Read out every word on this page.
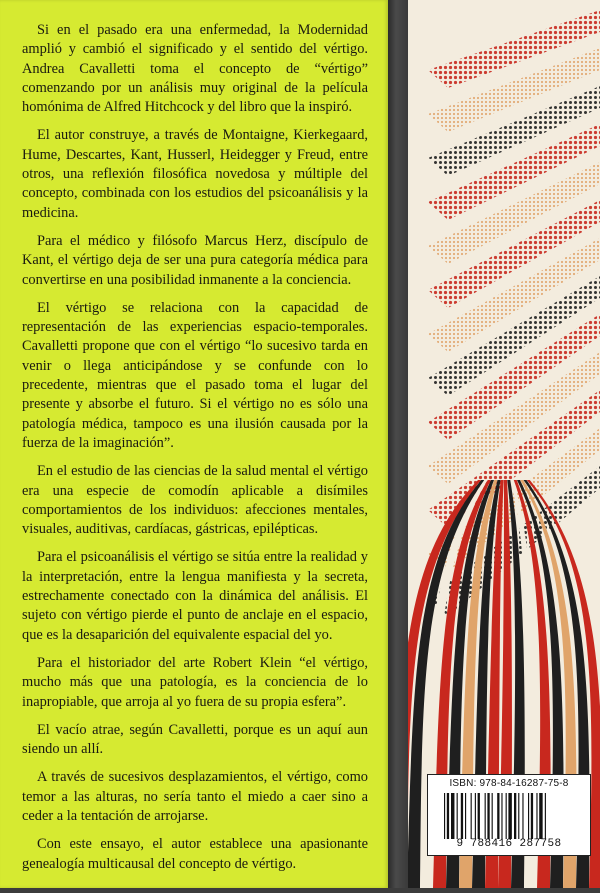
Si en el pasado era una enfermedad, la Modernidad amplió y cambió el significado y el sentido del vértigo. Andrea Cavalletti toma el concepto de “vértigo” comenzando por un análisis muy original de la película homónima de Alfred Hitchcock y del libro que la inspiró.

El autor construye, a través de Montaigne, Kierkegaard, Hume, Descartes, Kant, Husserl, Heidegger y Freud, entre otros, una reflexión filosófica novedosa y múltiple del concepto, combinada con los estudios del psicoanálisis y la medicina.

Para el médico y filósofo Marcus Herz, discípulo de Kant, el vértigo deja de ser una pura categoría médica para convertirse en una posibilidad inmanente a la conciencia.

El vértigo se relaciona con la capacidad de representación de las experiencias espacio-temporales. Cavalletti propone que con el vértigo “lo sucesivo tarda en venir o llega anticipándose y se confunde con lo precedente, mientras que el pasado toma el lugar del presente y absorbe el futuro. Si el vértigo no es sólo una patología médica, tampoco es una ilusión causada por la fuerza de la imaginación”.

En el estudio de las ciencias de la salud mental el vértigo era una especie de comodín aplicable a disímiles comportamientos de los individuos: afecciones mentales, visuales, auditivas, cardíacas, gástricas, epilépticas.

Para el psicoanálisis el vértigo se sitúa entre la realidad y la interpretación, entre la lengua manifiesta y la secreta, estrechamente conectado con la dinámica del análisis. El sujeto con vértigo pierde el punto de anclaje en el espacio, que es la desaparición del equivalente espacial del yo.

Para el historiador del arte Robert Klein “el vértigo, mucho más que una patología, es la conciencia de lo inapropiable, que arroja al yo fuera de su propia esfera”.

El vacío atrae, según Cavalletti, porque es un aquí aun siendo un allí.

A través de sucesivos desplazamientos, el vértigo, como temor a las alturas, no sería tanto el miedo a caer sino a ceder a la tentación de arrojarse.

Con este ensayo, el autor establece una apasionante genealogía multicausal del concepto de vértigo.

ISBN: 978-84-16287-75-8
9 788416 287758
